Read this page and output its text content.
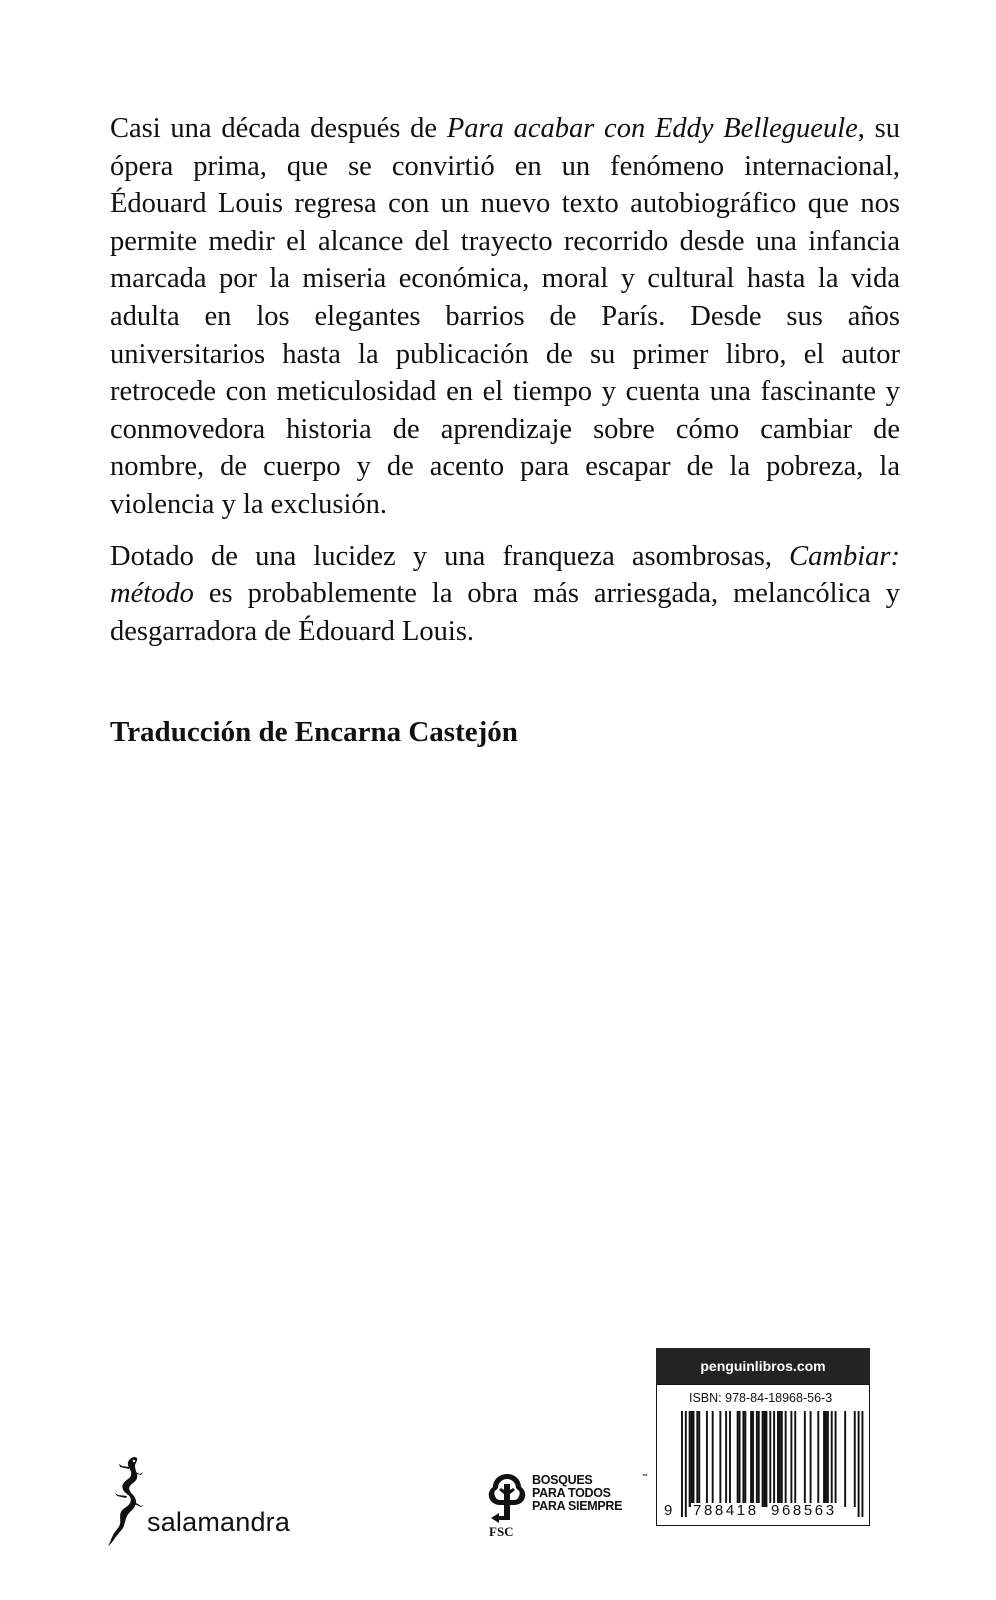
Casi una década después de Para acabar con Eddy Bellegueule, su ópera prima, que se convirtió en un fenómeno internacional, Édouard Louis regresa con un nuevo texto autobiográfico que nos permite medir el alcance del trayecto recorrido desde una infancia marcada por la miseria económica, moral y cultural hasta la vida adulta en los elegantes barrios de París. Desde sus años universitarios hasta la publicación de su primer libro, el autor retrocede con meticulosidad en el tiempo y cuenta una fascinante y conmovedora historia de aprendizaje sobre cómo cambiar de nombre, de cuerpo y de acento para escapar de la pobreza, la violencia y la exclusión.

Dotado de una lucidez y una franqueza asombrosas, Cambiar: método es probablemente la obra más arriesgada, melancólica y desgarradora de Édouard Louis.

Traducción de Encarna Castejón
salamandra	FSC
BOSQUES
PARA TODOS
PARA SIEMPRE
™
penguinlibros.com
ISBN: 978-84-18968-56-3
9 788418 968563
